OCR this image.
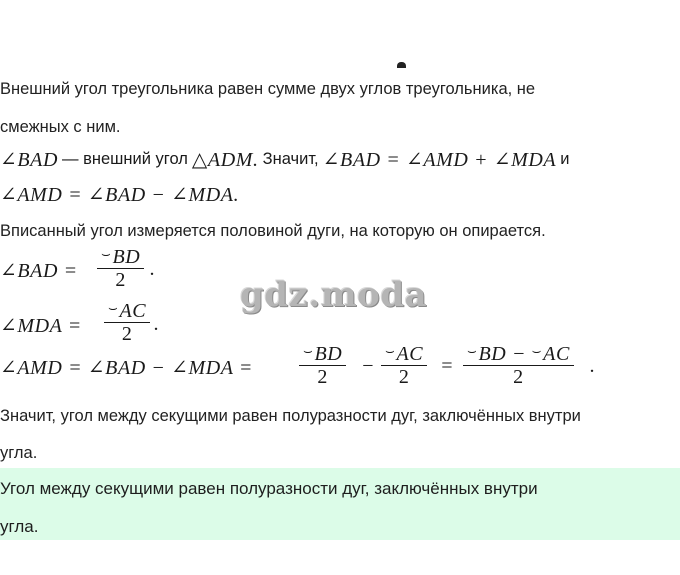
Внешний угол треугольника равен сумме двух углов треугольника, не
смежных с ним.
∠BAD — внешний угол △ADM. Значит, ∠BAD = ∠AMD + ∠MDA и
∠AMD = ∠BAD − ∠MDA.
Вписанный угол измеряется половиной дуги, на которую он опирается.
∠BAD =
⌣BD
2 .
∠MDA =
⌣AC
2 .
∠AMD = ∠BAD − ∠MDA =
⌣BD
2 −
⌣AC
2 =
⌣BD − ⌣AC
2	.
gdz.moda
Значит, угол между секущими равен полуразности дуг, заключённых внутри
угла.
Угол между секущими равен полуразности дуг, заключённых внутри
угла.
